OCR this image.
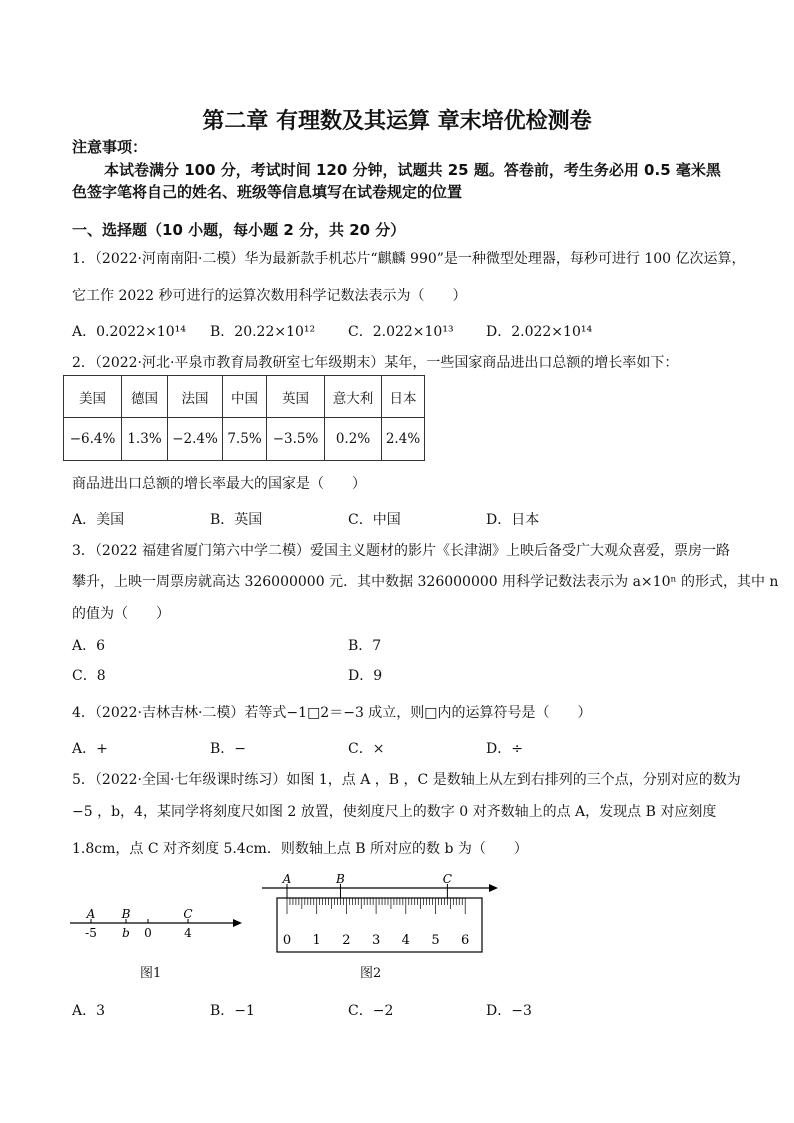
第二章 有理数及其运算 章末培优检测卷
注意事项：
本试卷满分 100 分，考试时间 120 分钟，试题共 25 题。答卷前，考生务必用 0.5 毫米黑
色签字笔将自己的姓名、班级等信息填写在试卷规定的位置
一、选择题（10 小题，每小题 2 分，共 20 分）
1．（2022·河南南阳·二模）华为最新款手机芯片“麒麟 990”是一种微型处理器，每秒可进行 100 亿次运算，
它工作 2022 秒可进行的运算次数用科学记数法表示为（　　）
A．0.2022×10¹⁴ B．20.22×10¹² C．2.022×10¹³ D．2.022×10¹⁴
2．（2022·河北·平泉市教育局教研室七年级期末）某年，一些国家商品进出口总额的增长率如下：
美国	德国	法国	中国	英国	意大利	日本
−6.4%	1.3%	−2.4%	7.5%	−3.5%	0.2%	2.4%
商品进出口总额的增长率最大的国家是（　　）
A．美国	B．英国	C．中国	D．日本
3．（2022 福建省厦门第六中学二模）爱国主义题材的影片《长津湖》上映后备受广大观众喜爱，票房一路
攀升，上映一周票房就高达 326000000 元．其中数据 326000000 用科学记数法表示为 a×10ⁿ 的形式，其中 n
的值为（　　）
A．6	B．7
C．8	D．9
4．（2022·吉林吉林·二模）若等式−1□2＝−3 成立，则□内的运算符号是（　　）
A．+	B．−	C．×	D．÷
5．（2022·全国·七年级课时练习）如图 1，点 A ，B ，C 是数轴上从左到右排列的三个点，分别对应的数为
−5 ，b，4，某同学将刻度尺如图 2 放置，使刻度尺上的数字 0 对齐数轴上的点 A，发现点 B 对应刻度
1.8cm，点 C 对齐刻度 5.4cm．则数轴上点 B 所对应的数 b 为（　　）
A B	C
-5 b 0	4
图1
A	B	C
0 1 2 3 4 5 6
图2
A．3	B．−1	C．−2	D．−3
